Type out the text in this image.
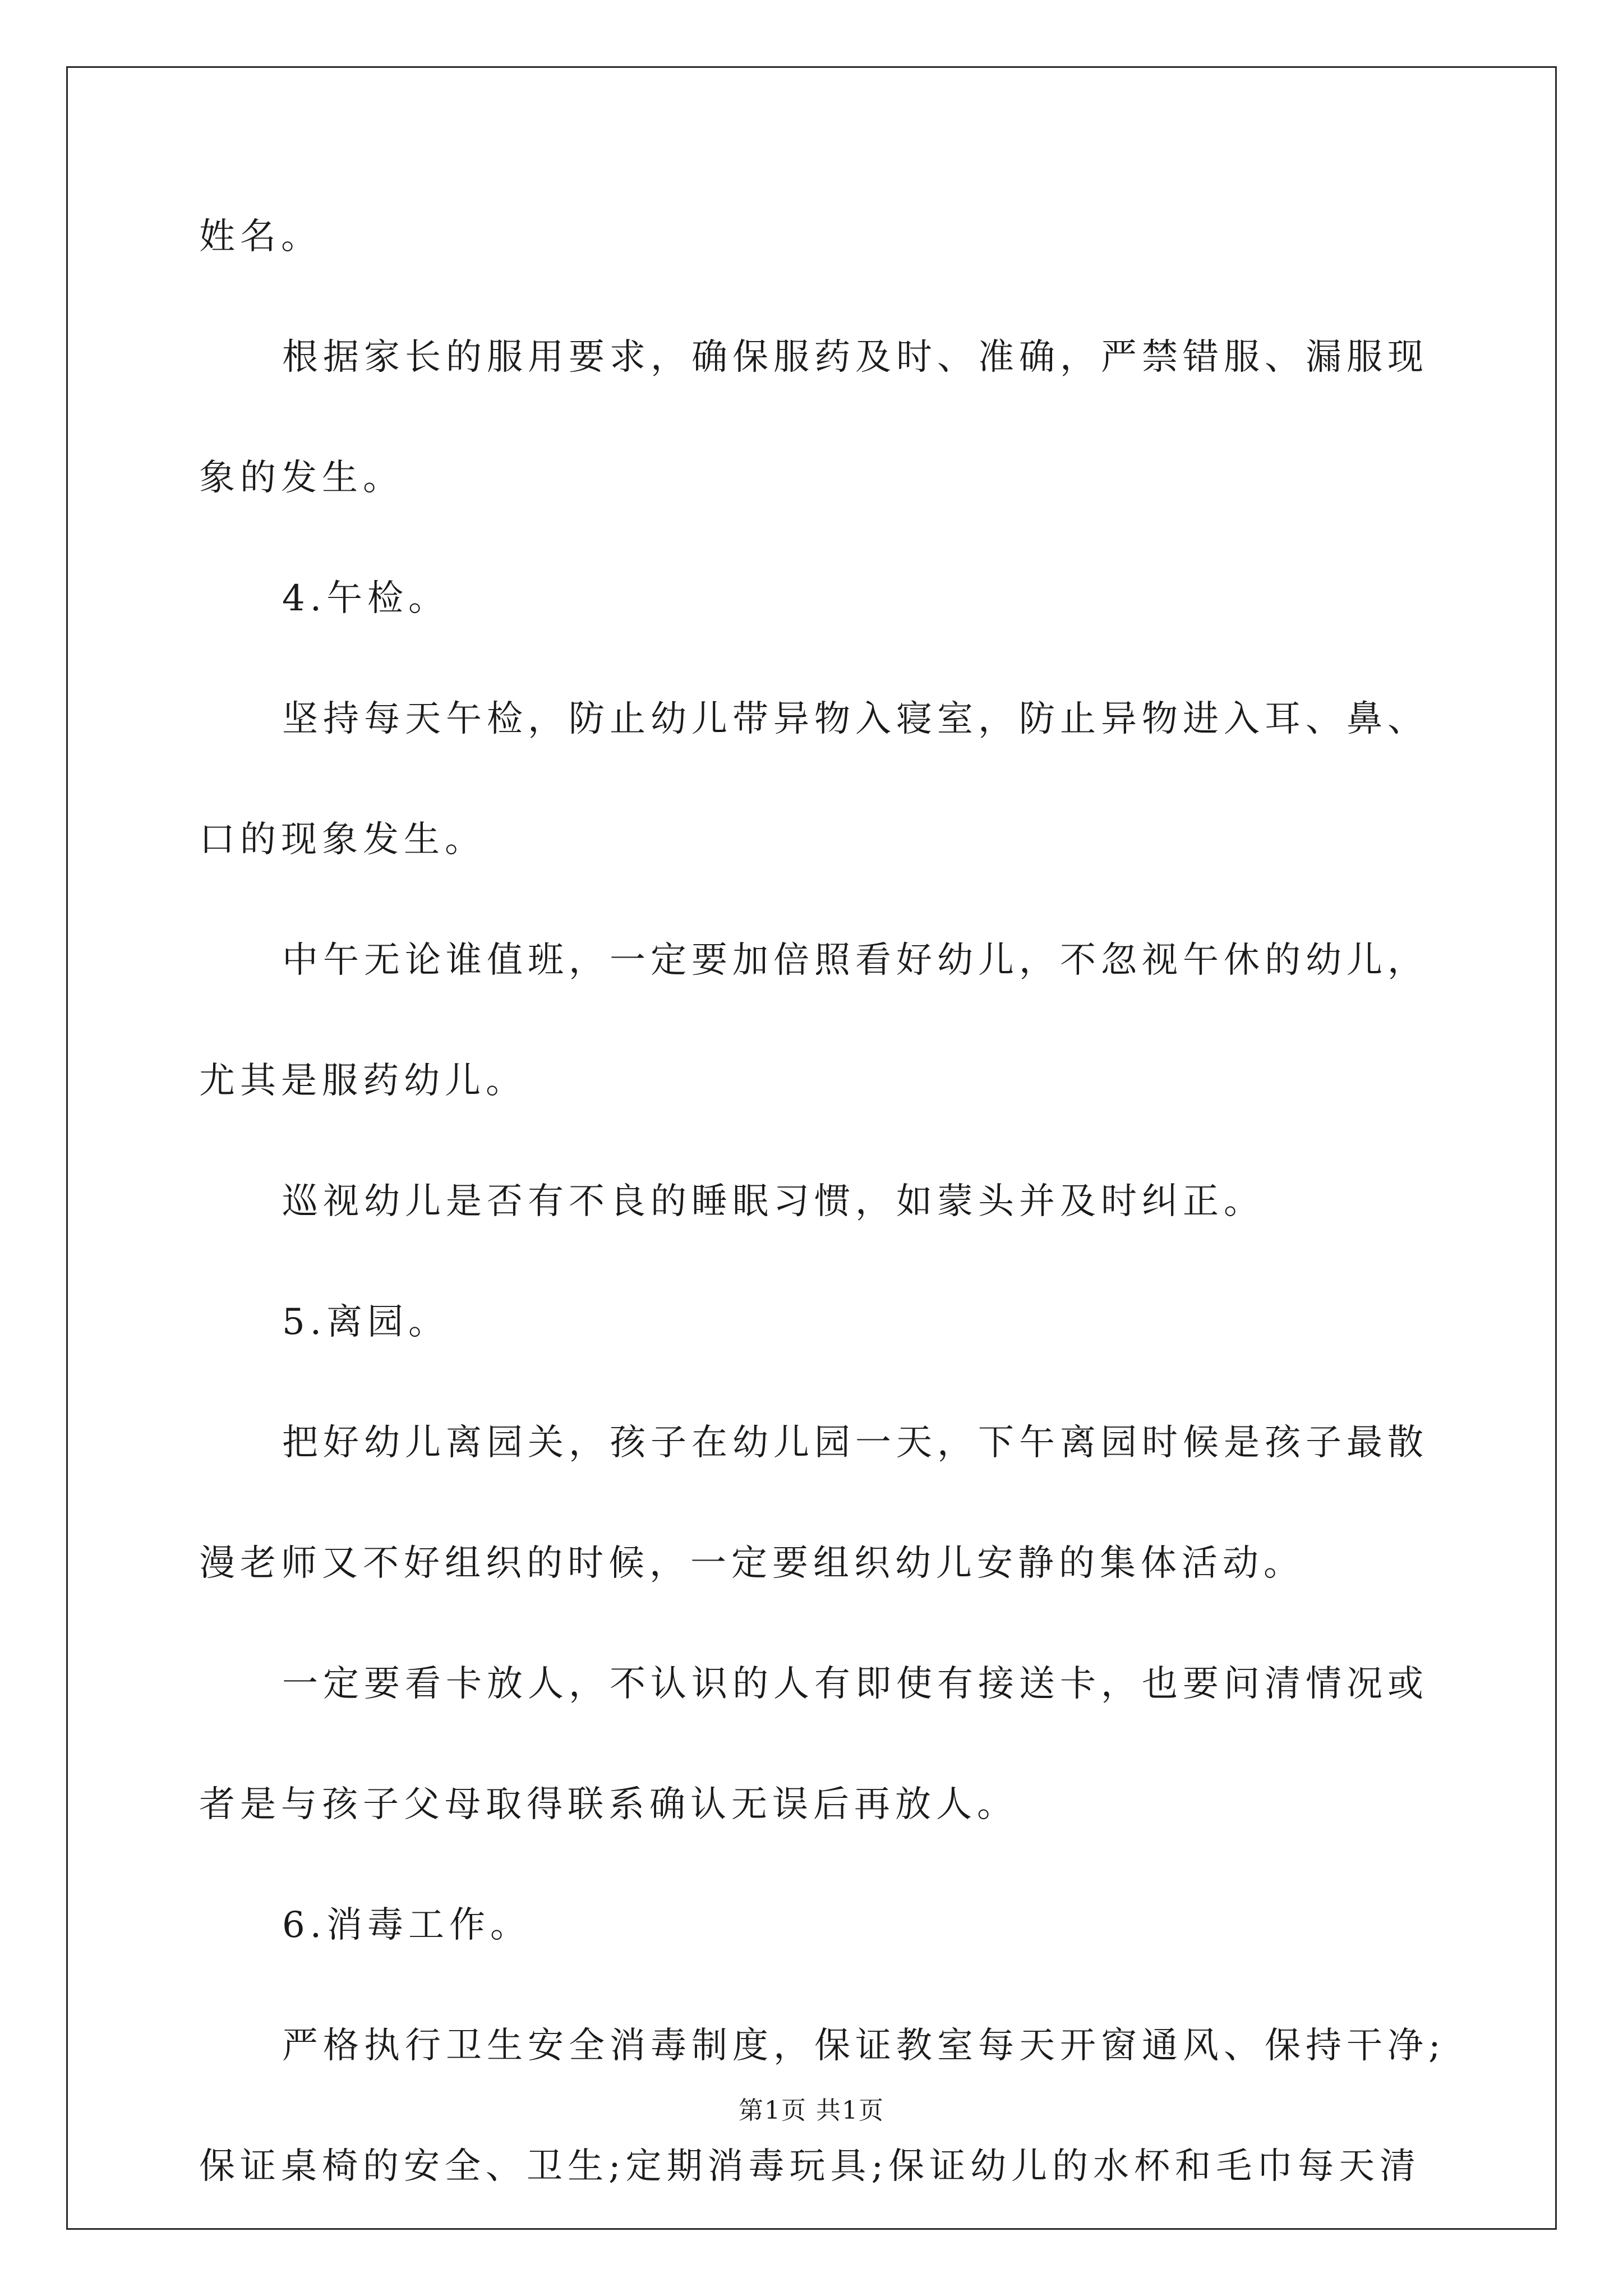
姓名。
根据家长的服用要求，确保服药及时、准确，严禁错服、漏服现
象的发生。
4.午检。
坚持每天午检，防止幼儿带异物入寝室，防止异物进入耳、鼻、
口的现象发生。
中午无论谁值班，一定要加倍照看好幼儿，不忽视午休的幼儿，
尤其是服药幼儿。
巡视幼儿是否有不良的睡眠习惯，如蒙头并及时纠正。
5.离园。
把好幼儿离园关，孩子在幼儿园一天，下午离园时候是孩子最散
漫老师又不好组织的时候，一定要组织幼儿安静的集体活动。
一定要看卡放人，不认识的人有即使有接送卡，也要问清情况或
者是与孩子父母取得联系确认无误后再放人。
6.消毒工作。
严格执行卫生安全消毒制度，保证教室每天开窗通风、保持干净;
保证桌椅的安全、卫生;定期消毒玩具;保证幼儿的水杯和毛巾每天清
第1页 共1页
